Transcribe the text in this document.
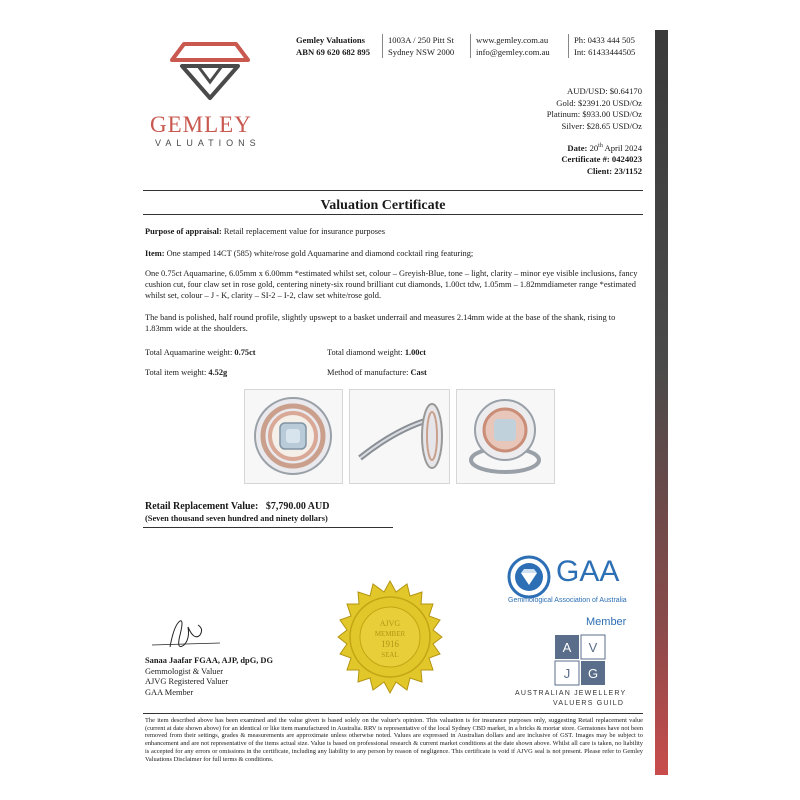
GEMLEY
VALUATIONS
Gemley Valuations
ABN 69 620 682 895
1003A / 250 Pitt St
Sydney NSW 2000
www.gemley.com.au
info@gemley.com.au
Ph: 0433 444 505
Int: 61433444505
AUD/USD: $0.64170
Gold: $2391.20 USD/Oz
Platinum: $933.00 USD/Oz
Silver: $28.65 USD/Oz
Date: 20th April 2024
Certificate #: 0424023
Client: 23/1152
Valuation Certificate
Purpose of appraisal: Retail replacement value for insurance purposes
Item: One stamped 14CT (585) white/rose gold Aquamarine and diamond cocktail ring featuring;
One 0.75ct Aquamarine, 6.05mm x 6.00mm *estimated whilst set, colour – Greyish-Blue, tone – light, clarity – minor eye visible inclusions, fancy cushion cut, four claw set in rose gold, centering ninety-six round brilliant cut diamonds, 1.00ct tdw, 1.05mm – 1.82mmdiameter range *estimated whilst set, colour – J - K, clarity – SI-2 – I-2, claw set white/rose gold.
The band is polished, half round profile, slightly upswept to a basket underrail and measures 2.14mm wide at the base of the shank, rising to 1.83mm wide at the shoulders.
Total Aquamarine weight: 0.75ct	Total diamond weight: 1.00ct
Total item weight: 4.52g	Method of manufacture: Cast
Retail Replacement Value: $7,790.00 AUD
(Seven thousand seven hundred and ninety dollars)
AJVG
MEMBER
1916
SEAL
Sanaa Jaafar FGAA, AJP, dpG, DG
Gemmologist & Valuer
AJVG Registered Valuer
GAA Member
GAA
Gemmological Association of Australia
Member
A V
J G
AUSTRALIAN JEWELLERY
VALUERS GUILD
The item described above has been examined and the value given is based solely on the valuer's opinion. This valuation is for insurance purposes only, suggesting Retail replacement value (current at date shown above) for an identical or like item manufactured in Australia. RRV is representative of the local Sydney CBD market, in a bricks & mortar store. Gemstones have not been removed from their settings, grades & measurements are approximate unless otherwise noted. Values are expressed in Australian dollars and are inclusive of GST. Images may be subject to enhancement and are not representative of the items actual size. Value is based on professional research & current market conditions at the date shown above. Whilst all care is taken, no liability is accepted for any errors or omissions in the certificate, including any liability to any person by reason of negligence. This certificate is void if AJVG seal is not present. Please refer to Gemley Valuations Disclaimer for full terms & conditions.
